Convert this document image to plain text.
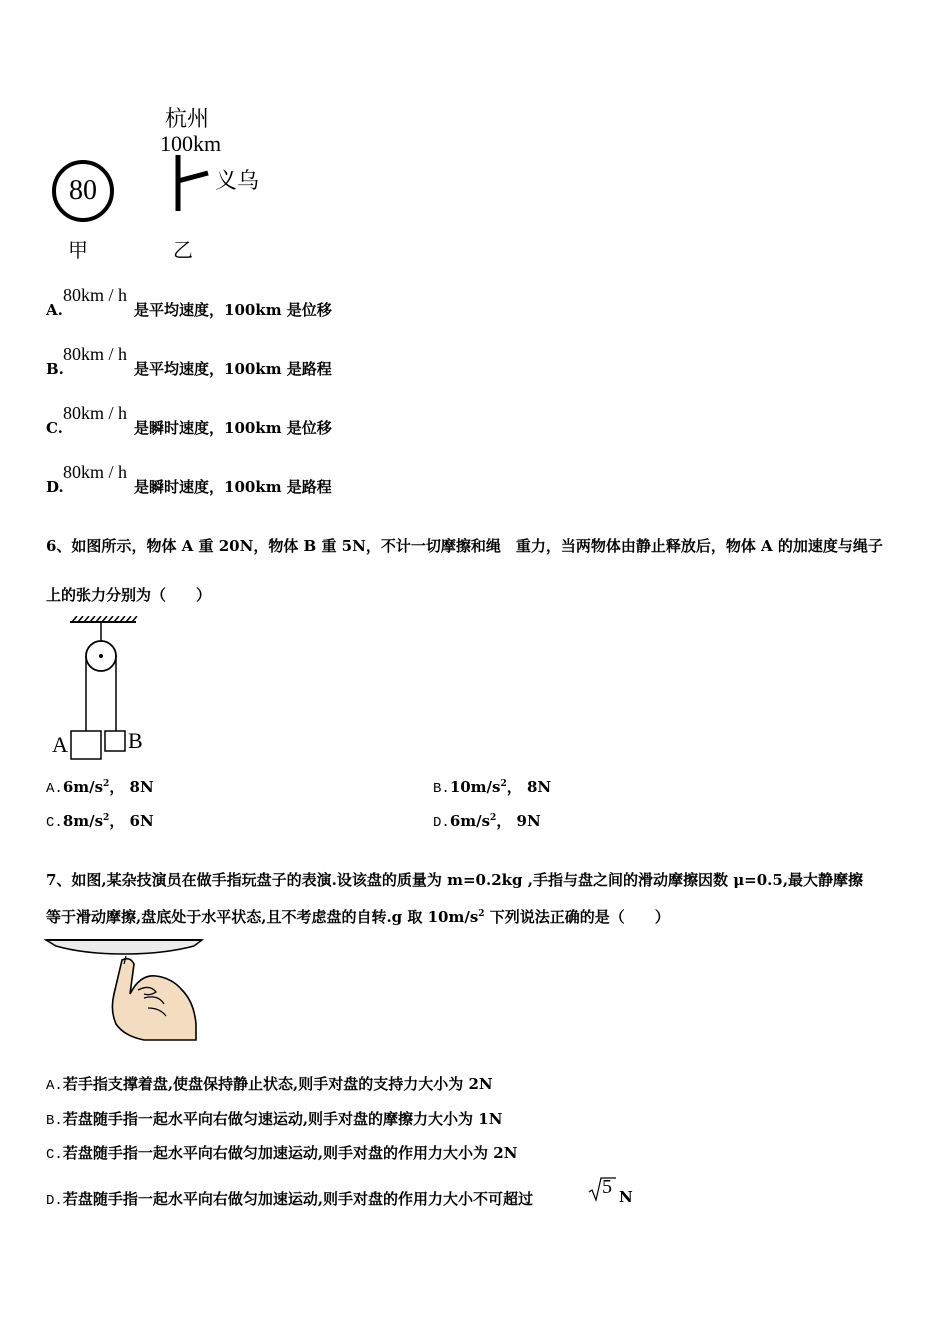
杭州
100km
义乌
80
甲	乙
80km / h
A.	是平均速度，100km 是位移
80km / h
B.	是平均速度，100km 是路程
80km / h
C.	是瞬时速度，100km 是位移
80km / h
D.	是瞬时速度，100km 是路程
6、如图所示，物体 A 重 20N，物体 B 重 5N，不计一切摩擦和绳　重力，当两物体由静止释放后，物体 A 的加速度与绳子
上的张力分别为（　　）
A	B
$A.6m/s^2$， 8N	$B.10m/s^2$， 8N
$C.8m/s^2$， 6N	$D.6m/s^2$， 9N
7、如图,某杂技演员在做手指玩盘子的表演.设该盘的质量为 m=0.2kg ,手指与盘之间的滑动摩擦因数 μ=0.5,最大静摩擦
等于滑动摩擦,盘底处于水平状态,且不考虑盘的自转.g 取 $10m/s^2$ 下列说法正确的是（　　）
A.若手指支撑着盘,使盘保持静止状态,则手对盘的支持力大小为 2N
B.若盘随手指一起水平向右做匀速运动,则手对盘的摩擦力大小为 1N
C.若盘随手指一起水平向右做匀加速运动,则手对盘的作用力大小为 2N
D.若盘随手指一起水平向右做匀加速运动,则手对盘的作用力大小不可超过
5 N
